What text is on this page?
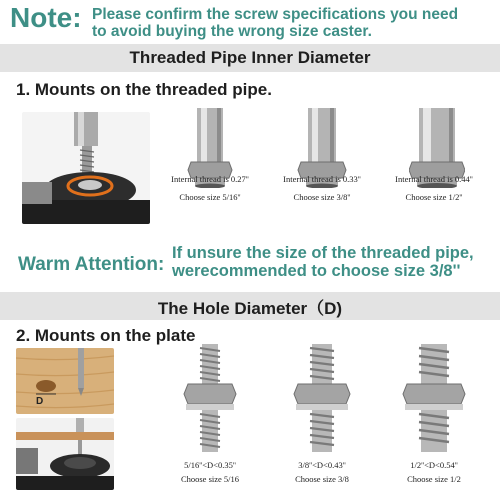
Note: Please confirm the screw specifications you need
to avoid buying the wrong size caster.
Threaded Pipe Inner Diameter
1. Mounts on the threaded pipe.
Internal thread is 0.27''
Choose size 5/16''
Internal thread is 0.33''
Choose size 3/8''
Internal thread is 0.44''
Choose size 1/2''
Warm Attention:
If unsure the size of the threaded pipe,
werecommended to choose size 3/8''
The Hole Diameter（D)
2. Mounts on the plate
D
5/16''<D<0.35''
Choose size 5/16
3/8''<D<0.43''
Choose size 3/8
1/2''<D<0.54''
Choose size 1/2
